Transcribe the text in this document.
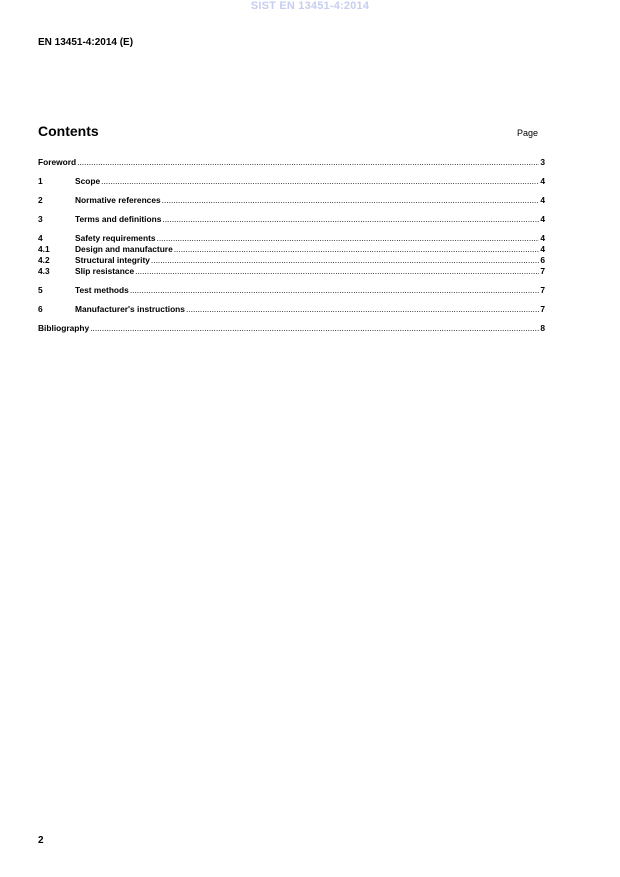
SIST EN 13451-4:2014
EN 13451-4:2014 (E)
Contents	Page
Foreword .....	3
1	Scope .....	4
2	Normative references .....	4
3	Terms and definitions .....	4
4	Safety requirements .....	4
4.1	Design and manufacture .....	4
4.2	Structural integrity .....	6
4.3	Slip resistance .....	7
5	Test methods .....	7
6	Manufacturer's instructions .....	7
Bibliography .....	8
2
